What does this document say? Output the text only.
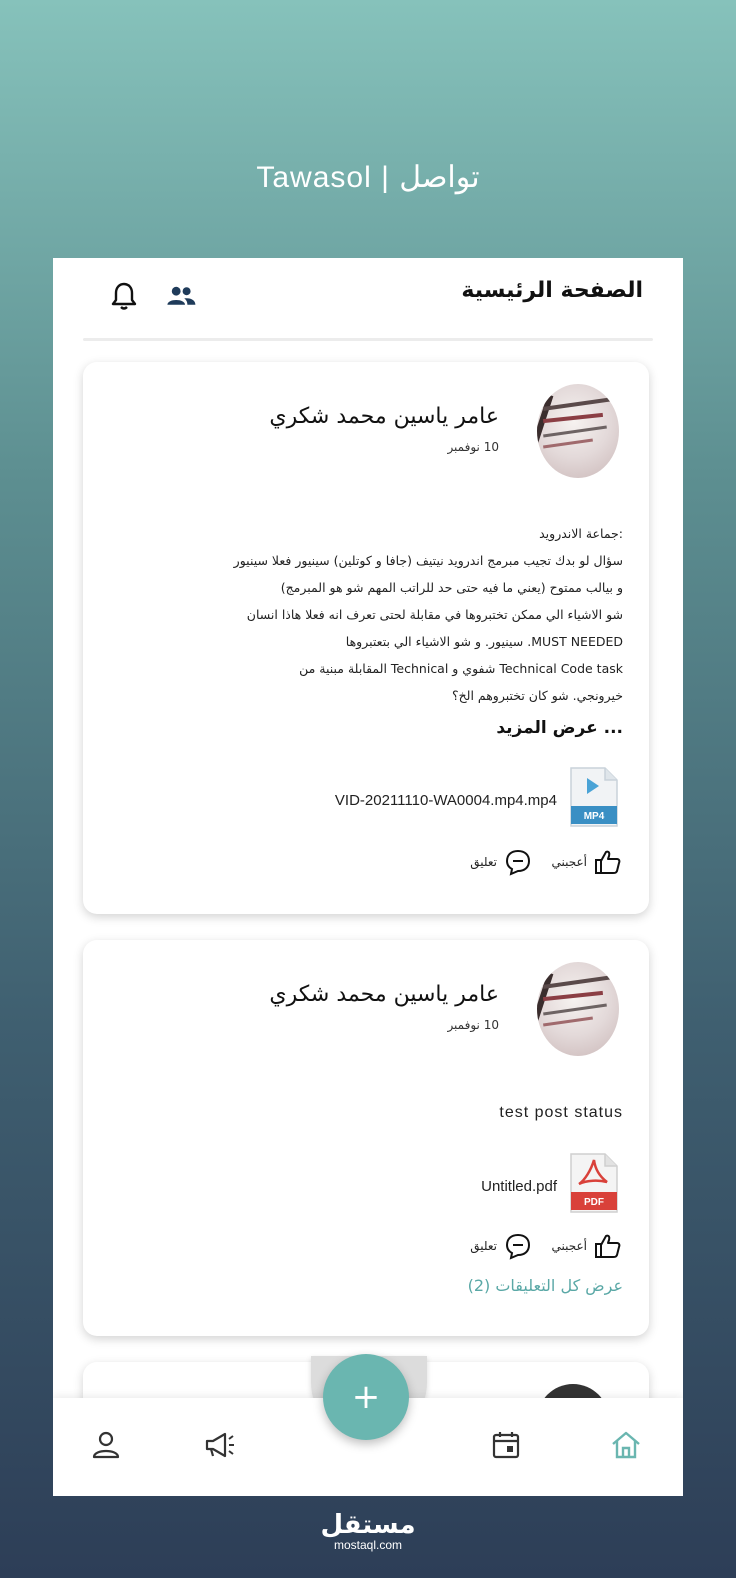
Tawasol | تواصل
الصفحة الرئيسية
عامر ياسين محمد شكري
10 نوفمبر
:جماعة الاندرويد
سؤال لو بدك تجيب مبرمج اندرويد نيتيف (جافا و كوتلين) سينيور فعلا سينيور
و بيالب ممتوح (يعني ما فيه حتى حد للراتب المهم شو هو المبرمج)
شو الاشياء الي ممكن تختبروها في مقابلة لحتى تعرف انه فعلا هاذا انسان
MUST NEEDED. سينيور. و شو الاشياء الي بتعتبروها
Technical Code task شفوي و Technical المقابلة مبنية من
خيرونجي. شو كان تختبروهم الخ؟
... عرض المزيد
MP4
VID-20211110-WA0004.mp4.mp4
أعجبني
تعليق
عامر ياسين محمد شكري
10 نوفمبر
test post status
PDF
Untitled.pdf
أعجبني
تعليق
عرض كل التعليقات (2)
+
مستقل
mostaql.com
